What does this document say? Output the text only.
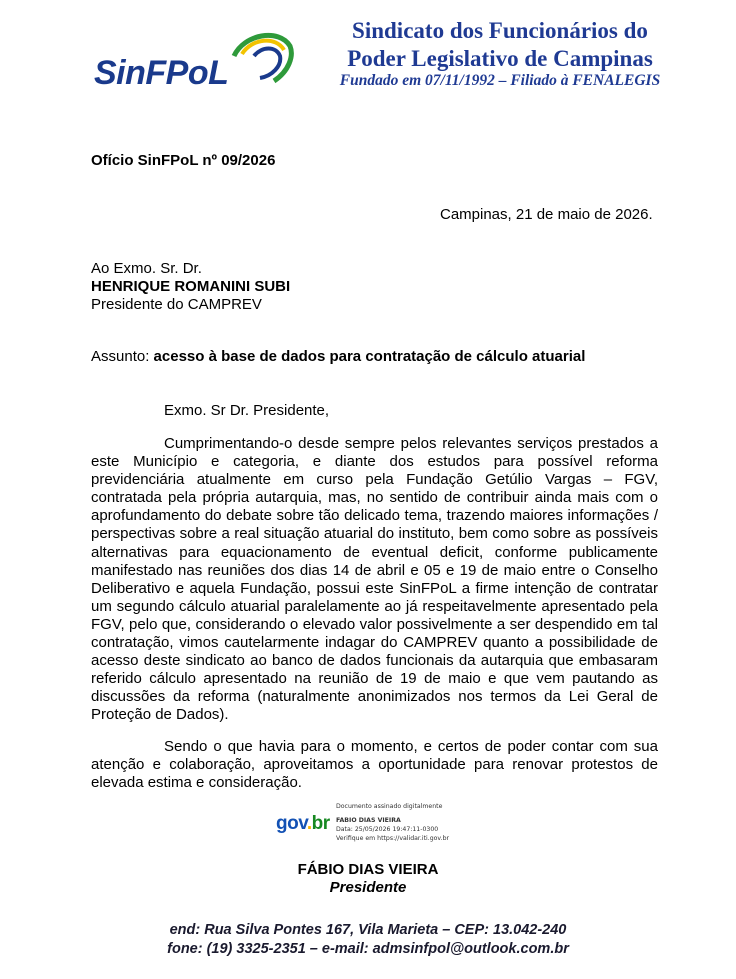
SinFPoL
Sindicato dos Funcionários do
Poder Legislativo de Campinas
Fundado em 07/11/1992 – Filiado à FENALEGIS
Ofício SinFPoL nº 09/2026
Campinas, 21 de maio de 2026.
Ao Exmo. Sr. Dr.
HENRIQUE ROMANINI SUBI
Presidente do CAMPREV
Assunto: acesso à base de dados para contratação de cálculo atuarial
Exmo. Sr Dr. Presidente,
Cumprimentando-o desde sempre pelos relevantes serviços prestados a este Município e categoria, e diante dos estudos para possível reforma previdenciária atualmente em curso pela Fundação Getúlio Vargas – FGV, contratada pela própria autarquia, mas, no sentido de contribuir ainda mais com o aprofundamento do debate sobre tão delicado tema, trazendo maiores informações / perspectivas sobre a real situação atuarial do instituto, bem como sobre as possíveis alternativas para equacionamento de eventual deficit, conforme publicamente manifestado nas reuniões dos dias 14 de abril e 05 e 19 de maio entre o Conselho Deliberativo e aquela Fundação, possui este SinFPoL a firme intenção de contratar um segundo cálculo atuarial paralelamente ao já respeitavelmente apresentado pela FGV, pelo que, considerando o elevado valor possivelmente a ser despendido em tal contratação, vimos cautelarmente indagar do CAMPREV quanto a possibilidade de acesso deste sindicato ao banco de dados funcionais da autarquia que embasaram referido cálculo apresentado na reunião de 19 de maio e que vem pautando as discussões da reforma (naturalmente anonimizados nos termos da Lei Geral de Proteção de Dados).
Sendo o que havia para o momento, e certos de poder contar com sua atenção e colaboração, aproveitamos a oportunidade para renovar protestos de elevada estima e consideração.
gov.br
Documento assinado digitalmente
FABIO DIAS VIEIRA
Data: 25/05/2026 19:47:11-0300
Verifique em https://validar.iti.gov.br
FÁBIO DIAS VIEIRA
Presidente
end: Rua Silva Pontes 167, Vila Marieta – CEP: 13.042-240
fone: (19) 3325-2351 – e-mail: admsinfpol@outlook.com.br
